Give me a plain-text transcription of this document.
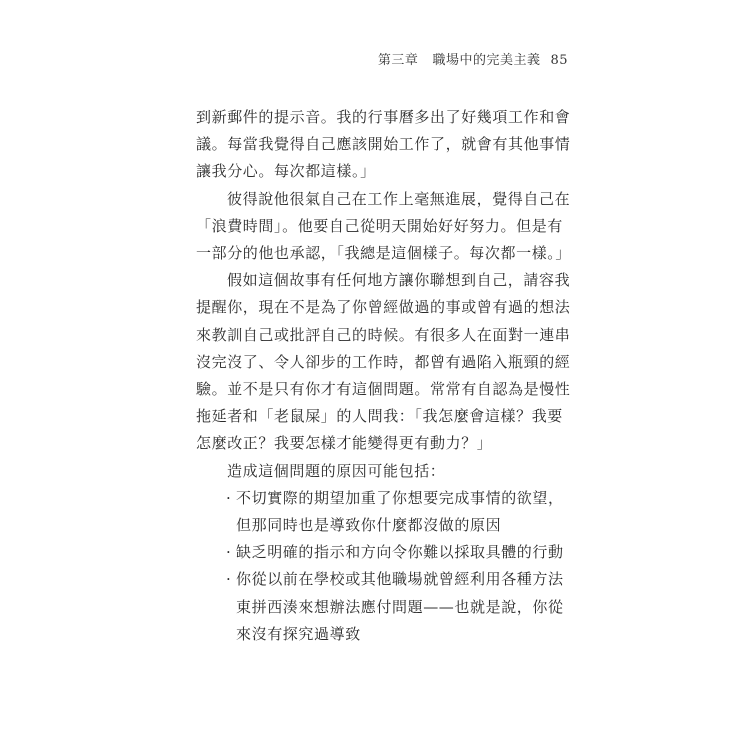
第三章 職場中的完美主義 85

到新郵件的提示音。我的行事曆多出了好幾項工作和會議。每當我覺得自己應該開始工作了，就會有其他事情讓我分心。每次都這樣。」

彼得說他很氣自己在工作上毫無進展，覺得自己在「浪費時間」。他要自己從明天開始好好努力。但是有一部分的他也承認，「我總是這個樣子。每次都一樣。」

假如這個故事有任何地方讓你聯想到自己，請容我提醒你，現在不是為了你曾經做過的事或曾有過的想法來教訓自己或批評自己的時候。有很多人在面對一連串沒完沒了、令人卻步的工作時，都曾有過陷入瓶頸的經驗。並不是只有你才有這個問題。常常有自認為是慢性拖延者和「老鼠屎」的人問我：「我怎麼會這樣？我要怎麼改正？我要怎樣才能變得更有動力？」

造成這個問題的原因可能包括：

· 不切實際的期望加重了你想要完成事情的欲望，但那同時也是導致你什麼都沒做的原因
· 缺乏明確的指示和方向令你難以採取具體的行動
· 你從以前在學校或其他職場就曾經利用各種方法東拼西湊來想辦法應付問題——也就是說，你從來沒有探究過導致
